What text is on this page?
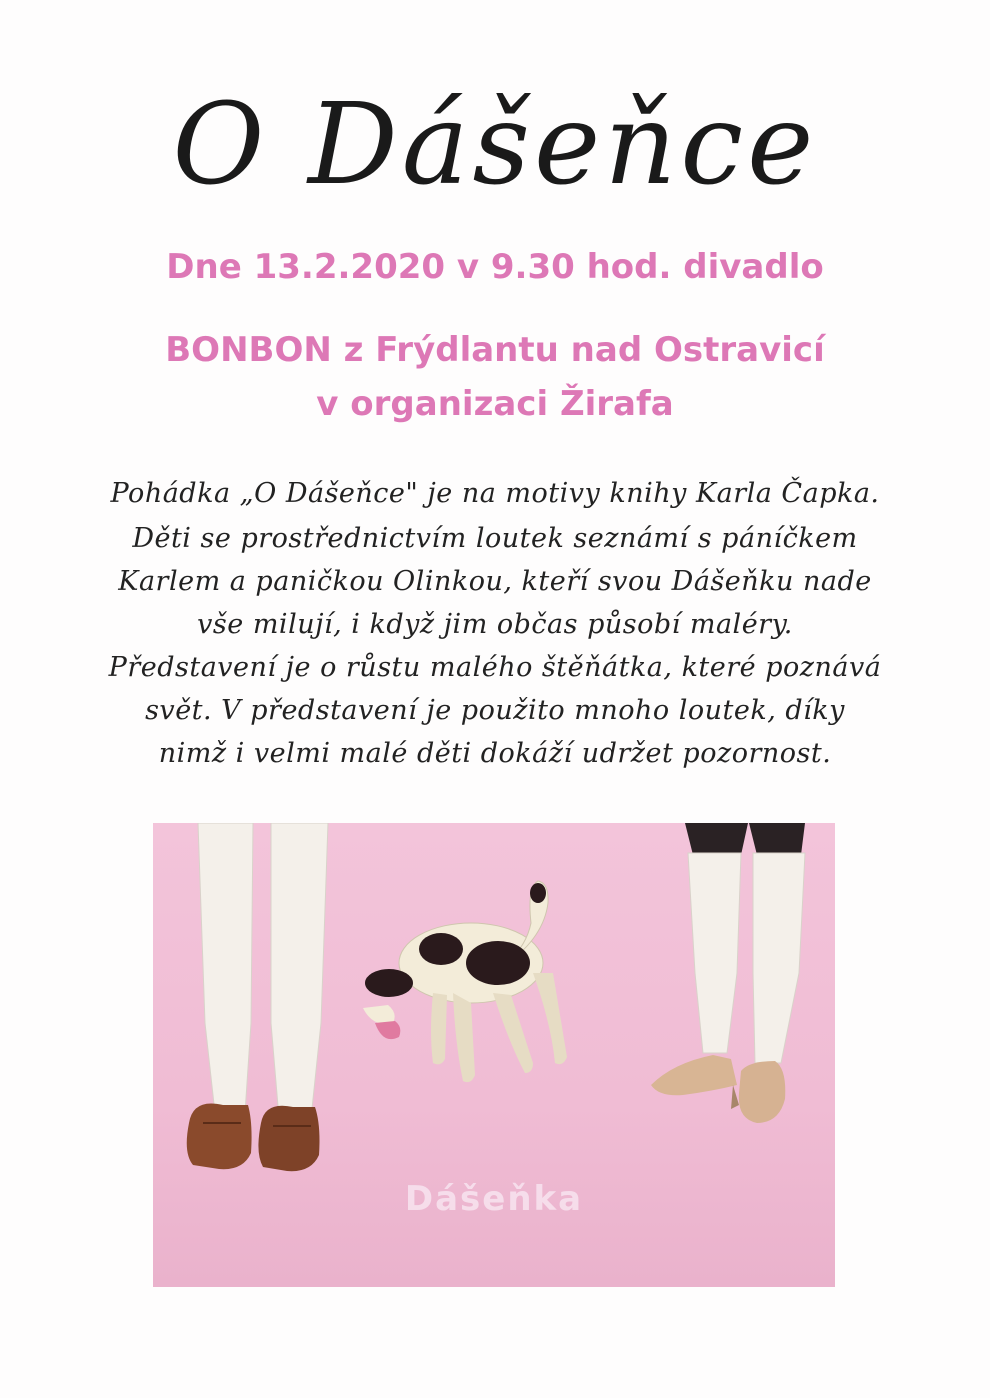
O Dášeňce
Dne 13.2.2020 v 9.30 hod. divadlo
BONBON z Frýdlantu nad Ostravicí
v organizaci Žirafa
Pohádka „O Dášeňce" je na motivy knihy Karla Čapka.
Děti se prostřednictvím loutek seznámí s páníčkem
Karlem a paničkou Olinkou, kteří svou Dášeňku nade
vše milují, i když jim občas působí maléry.
Představení je o růstu malého štěňátka, které poznává
svět. V představení je použito mnoho loutek, díky
nimž i velmi malé děti dokáží udržet pozornost.
Dášeňka
